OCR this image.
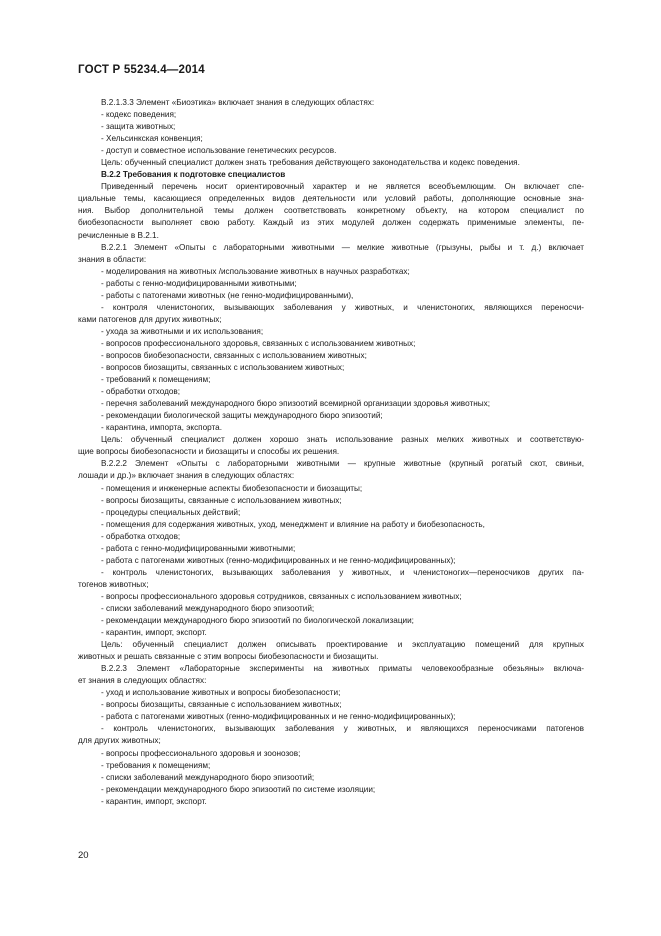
ГОСТ Р 55234.4—2014

В.2.1.3.3 Элемент «Биоэтика» включает знания в следующих областях:

- кодекс поведения;

- защита животных;

- Хельсинкская конвенция;

- доступ и совместное использование генетических ресурсов.

Цель: обученный специалист должен знать требования действующего законодательства и кодекс поведения.

В.2.2 Требования к подготовке специалистов

Приведенный перечень носит ориентировочный характер и не является всеобъемлющим. Он включает спе-

циальные темы, касающиеся определенных видов деятельности или условий работы, дополняющие основные зна-

ния. Выбор дополнительной темы должен соответствовать конкретному объекту, на котором специалист по

биобезопасности выполняет свою работу. Каждый из этих модулей должен содержать применимые элементы, пе-

речисленные в В.2.1.

В.2.2.1 Элемент «Опыты с лабораторными животными — мелкие животные (грызуны, рыбы и т. д.) включает

знания в области:

- моделирования на животных /использование животных в научных разработках;

- работы с генно-модифицированными животными;

- работы с патогенами животных (не генно-модифицированными),

- контроля членистоногих, вызывающих заболевания у животных, и членистоногих, являющихся переносчи-

ками патогенов для других животных;

- ухода за животными и их использования;

- вопросов профессионального здоровья, связанных с использованием животных;

- вопросов биобезопасности, связанных с использованием животных;

- вопросов биозащиты, связанных с использованием животных;

- требований к помещениям;

- обработки отходов;

- перечня заболеваний международного бюро эпизоотий всемирной организации здоровья животных;

- рекомендации биологической защиты международного бюро эпизоотий;

- карантина, импорта, экспорта.

Цель: обученный специалист должен хорошо знать использование разных мелких животных и соответствую-

щие вопросы биобезопасности и биозащиты и способы их решения.

В.2.2.2 Элемент «Опыты с лабораторными животными — крупные животные (крупный рогатый скот, свиньи,

лошади и др.)» включает знания в следующих областях:

- помещения и инженерные аспекты биобезопасности и биозащиты;

- вопросы биозащиты, связанные с использованием животных;

- процедуры специальных действий;

- помещения для содержания животных, уход, менеджмент и влияние на работу и биобезопасность,

- обработка отходов;

- работа с генно-модифицированными животными;

- работа с патогенами животных (генно-модифицированных и не генно-модифицированных);

- контроль членистоногих, вызывающих заболевания у животных, и членистоногих—переносчиков других па-

тогенов животных;

- вопросы профессионального здоровья сотрудников, связанных с использованием животных;

- списки заболеваний международного бюро эпизоотий;

- рекомендации международного бюро эпизоотий по биологической локализации;

- карантин, импорт, экспорт.

Цель: обученный специалист должен описывать проектирование и эксплуатацию помещений для крупных

животных и решать связанные с этим вопросы биобезопасности и биозащиты.

В.2.2.3 Элемент «Лабораторные эксперименты на животных приматы человекообразные обезьяны» включа-

ет знания в следующих областях:

- уход и использование животных и вопросы биобезопасности;

- вопросы биозащиты, связанные с использованием животных;

- работа с патогенами животных (генно-модифицированных и не генно-модифицированных);

- контроль членистоногих, вызывающих заболевания у животных, и являющихся переносчиками патогенов

для других животных;

- вопросы профессионального здоровья и зоонозов;

- требования к помещениям;

- списки заболеваний международного бюро эпизоотий;

- рекомендации международного бюро эпизоотий по системе изоляции;

- карантин, импорт, экспорт.

20
